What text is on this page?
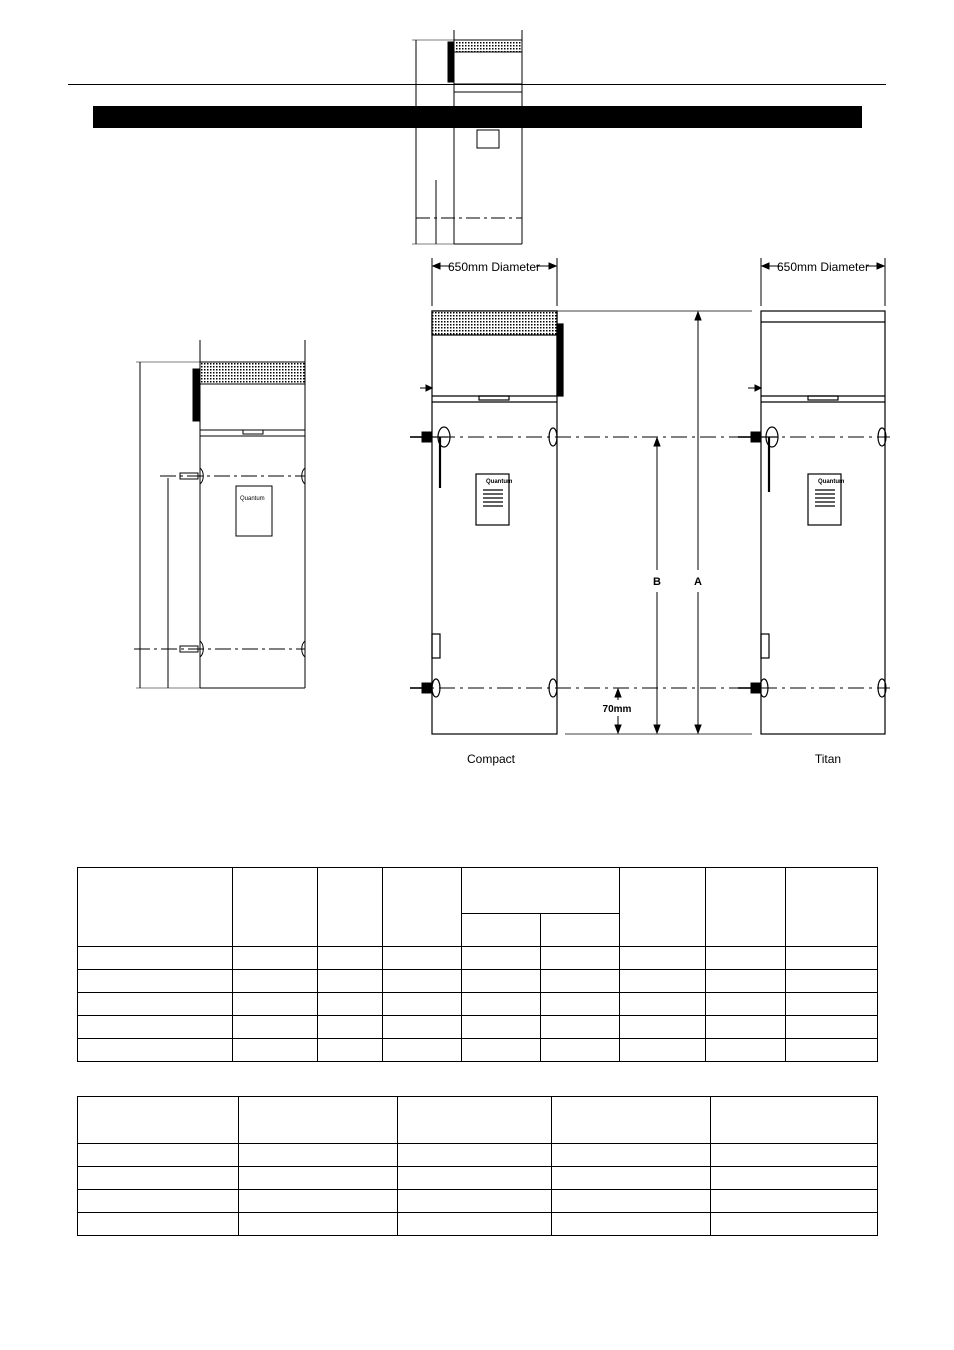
Quantum
Quantum	Quantum
650mm Diameter	650mm Diameter
A
B
70mm
Compact	Titan
